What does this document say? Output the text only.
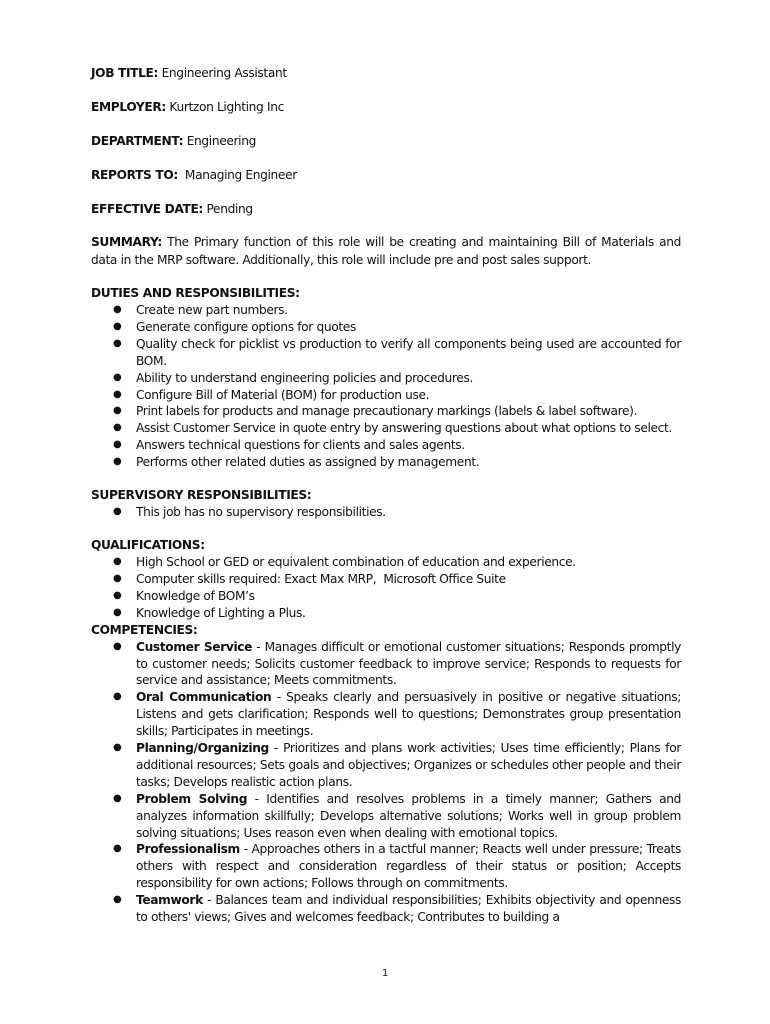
JOB TITLE: Engineering Assistant

EMPLOYER: Kurtzon Lighting Inc

DEPARTMENT: Engineering

REPORTS TO:  Managing Engineer

EFFECTIVE DATE: Pending

SUMMARY: The Primary function of this role will be creating and maintaining Bill of Materials and data in the MRP software. Additionally, this role will include pre and post sales support.

DUTIES AND RESPONSIBILITIES:
● Create new part numbers.
● Generate configure options for quotes
● Quality check for picklist vs production to verify all components being used are accounted for BOM.
● Ability to understand engineering policies and procedures.
● Configure Bill of Material (BOM) for production use.
● Print labels for products and manage precautionary markings (labels & label software).
● Assist Customer Service in quote entry by answering questions about what options to select.
● Answers technical questions for clients and sales agents.
● Performs other related duties as assigned by management.
SUPERVISORY RESPONSIBILITIES:
● This job has no supervisory responsibilities.
QUALIFICATIONS:
● High School or GED or equivalent combination of education and experience.
● Computer skills required: Exact Max MRP,  Microsoft Office Suite
● Knowledge of BOM’s
● Knowledge of Lighting a Plus.
COMPETENCIES:
● Customer Service - Manages difficult or emotional customer situations; Responds promptly to customer needs; Solicits customer feedback to improve service; Responds to requests for service and assistance; Meets commitments.
● Oral Communication - Speaks clearly and persuasively in positive or negative situations; Listens and gets clarification; Responds well to questions; Demonstrates group presentation skills; Participates in meetings.
● Planning/Organizing - Prioritizes and plans work activities; Uses time efficiently; Plans for additional resources; Sets goals and objectives; Organizes or schedules other people and their tasks; Develops realistic action plans.
● Problem Solving - Identifies and resolves problems in a timely manner; Gathers and analyzes information skillfully; Develops alternative solutions; Works well in group problem solving situations; Uses reason even when dealing with emotional topics.
● Professionalism - Approaches others in a tactful manner; Reacts well under pressure; Treats others with respect and consideration regardless of their status or position; Accepts responsibility for own actions; Follows through on commitments.
● Teamwork - Balances team and individual responsibilities; Exhibits objectivity and openness to others' views; Gives and welcomes feedback; Contributes to building a
1
